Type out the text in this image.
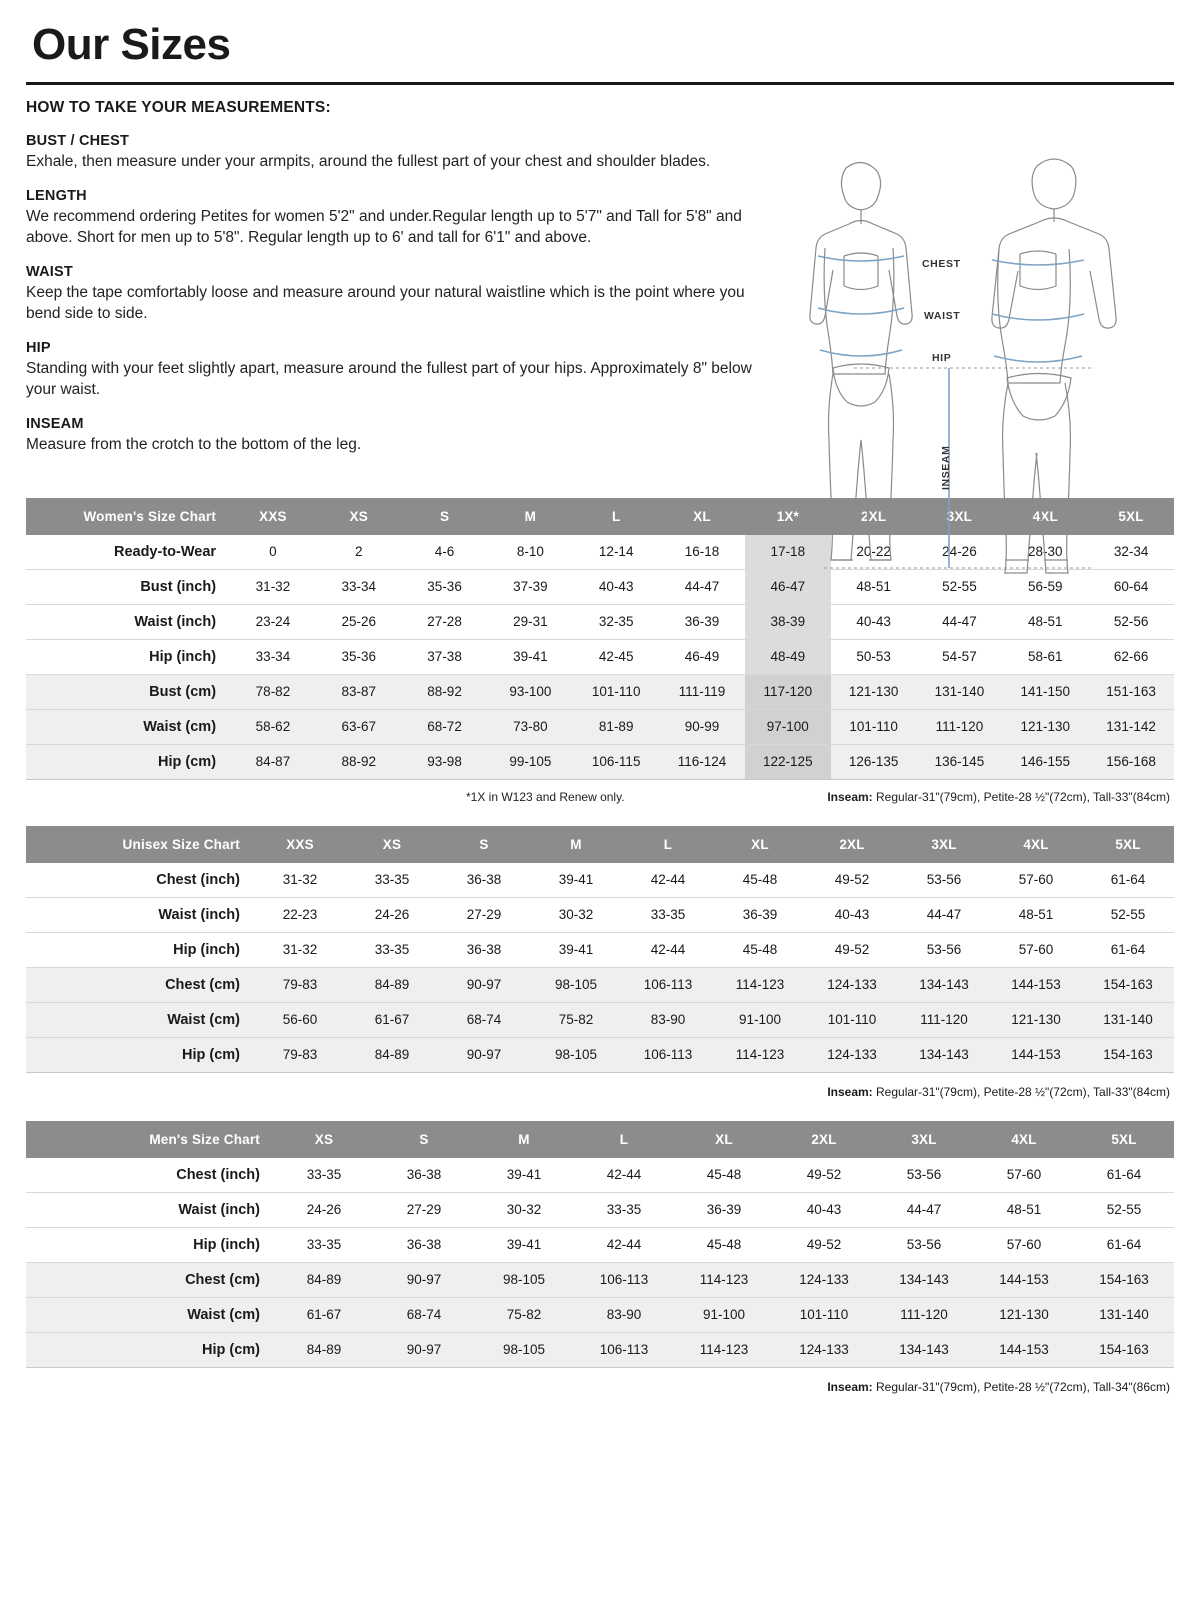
Our Sizes
HOW TO TAKE YOUR MEASUREMENTS:
BUST / CHEST

Exhale, then measure under your armpits, around the fullest part of your chest and shoulder blades.

LENGTH

We recommend ordering Petites for women 5'2" and under.Regular length up to 5'7" and Tall for 5'8" and above. Short for men up to 5'8". Regular length up to 6' and tall for 6'1" and above.

WAIST

Keep the tape comfortably loose and measure around your natural waistline which is the point where you bend side to side.

HIP

Standing with your feet slightly apart, measure around the fullest part of your hips. Approximately 8" below your waist.

INSEAM

Measure from the crotch to the bottom of the leg.

CHEST
WAIST
HIP
INSEAM
Women's Size Chart	XXS	XS	S	M	L	XL	1X*	2XL	3XL	4XL	5XL
Ready-to-Wear	0	2	4-6	8-10	12-14	16-18	17-18	20-22	24-26	28-30	32-34
Bust (inch)	31-32	33-34	35-36	37-39	40-43	44-47	46-47	48-51	52-55	56-59	60-64
Waist (inch)	23-24	25-26	27-28	29-31	32-35	36-39	38-39	40-43	44-47	48-51	52-56
Hip (inch)	33-34	35-36	37-38	39-41	42-45	46-49	48-49	50-53	54-57	58-61	62-66
Bust (cm)	78-82	83-87	88-92	93-100	101-110	111-119	117-120	121-130	131-140	141-150	151-163
Waist (cm)	58-62	63-67	68-72	73-80	81-89	90-99	97-100	101-110	111-120	121-130	131-142
Hip (cm)	84-87	88-92	93-98	99-105	106-115	116-124	122-125	126-135	136-145	146-155	156-168
*1X in W123 and Renew only.	Inseam: Regular-31"(79cm), Petite-28 ½"(72cm), Tall-33"(84cm)
Unisex Size Chart	XXS	XS	S	M	L	XL	2XL	3XL	4XL	5XL
Chest (inch)	31-32	33-35	36-38	39-41	42-44	45-48	49-52	53-56	57-60	61-64
Waist (inch)	22-23	24-26	27-29	30-32	33-35	36-39	40-43	44-47	48-51	52-55
Hip (inch)	31-32	33-35	36-38	39-41	42-44	45-48	49-52	53-56	57-60	61-64
Chest (cm)	79-83	84-89	90-97	98-105	106-113	114-123	124-133	134-143	144-153	154-163
Waist (cm)	56-60	61-67	68-74	75-82	83-90	91-100	101-110	111-120	121-130	131-140
Hip (cm)	79-83	84-89	90-97	98-105	106-113	114-123	124-133	134-143	144-153	154-163
Inseam: Regular-31"(79cm), Petite-28 ½"(72cm), Tall-33"(84cm)
Men's Size Chart	XS	S	M	L	XL	2XL	3XL	4XL	5XL
Chest (inch)	33-35	36-38	39-41	42-44	45-48	49-52	53-56	57-60	61-64
Waist (inch)	24-26	27-29	30-32	33-35	36-39	40-43	44-47	48-51	52-55
Hip (inch)	33-35	36-38	39-41	42-44	45-48	49-52	53-56	57-60	61-64
Chest (cm)	84-89	90-97	98-105	106-113	114-123	124-133	134-143	144-153	154-163
Waist (cm)	61-67	68-74	75-82	83-90	91-100	101-110	111-120	121-130	131-140
Hip (cm)	84-89	90-97	98-105	106-113	114-123	124-133	134-143	144-153	154-163
Inseam: Regular-31"(79cm), Petite-28 ½"(72cm), Tall-34"(86cm)
